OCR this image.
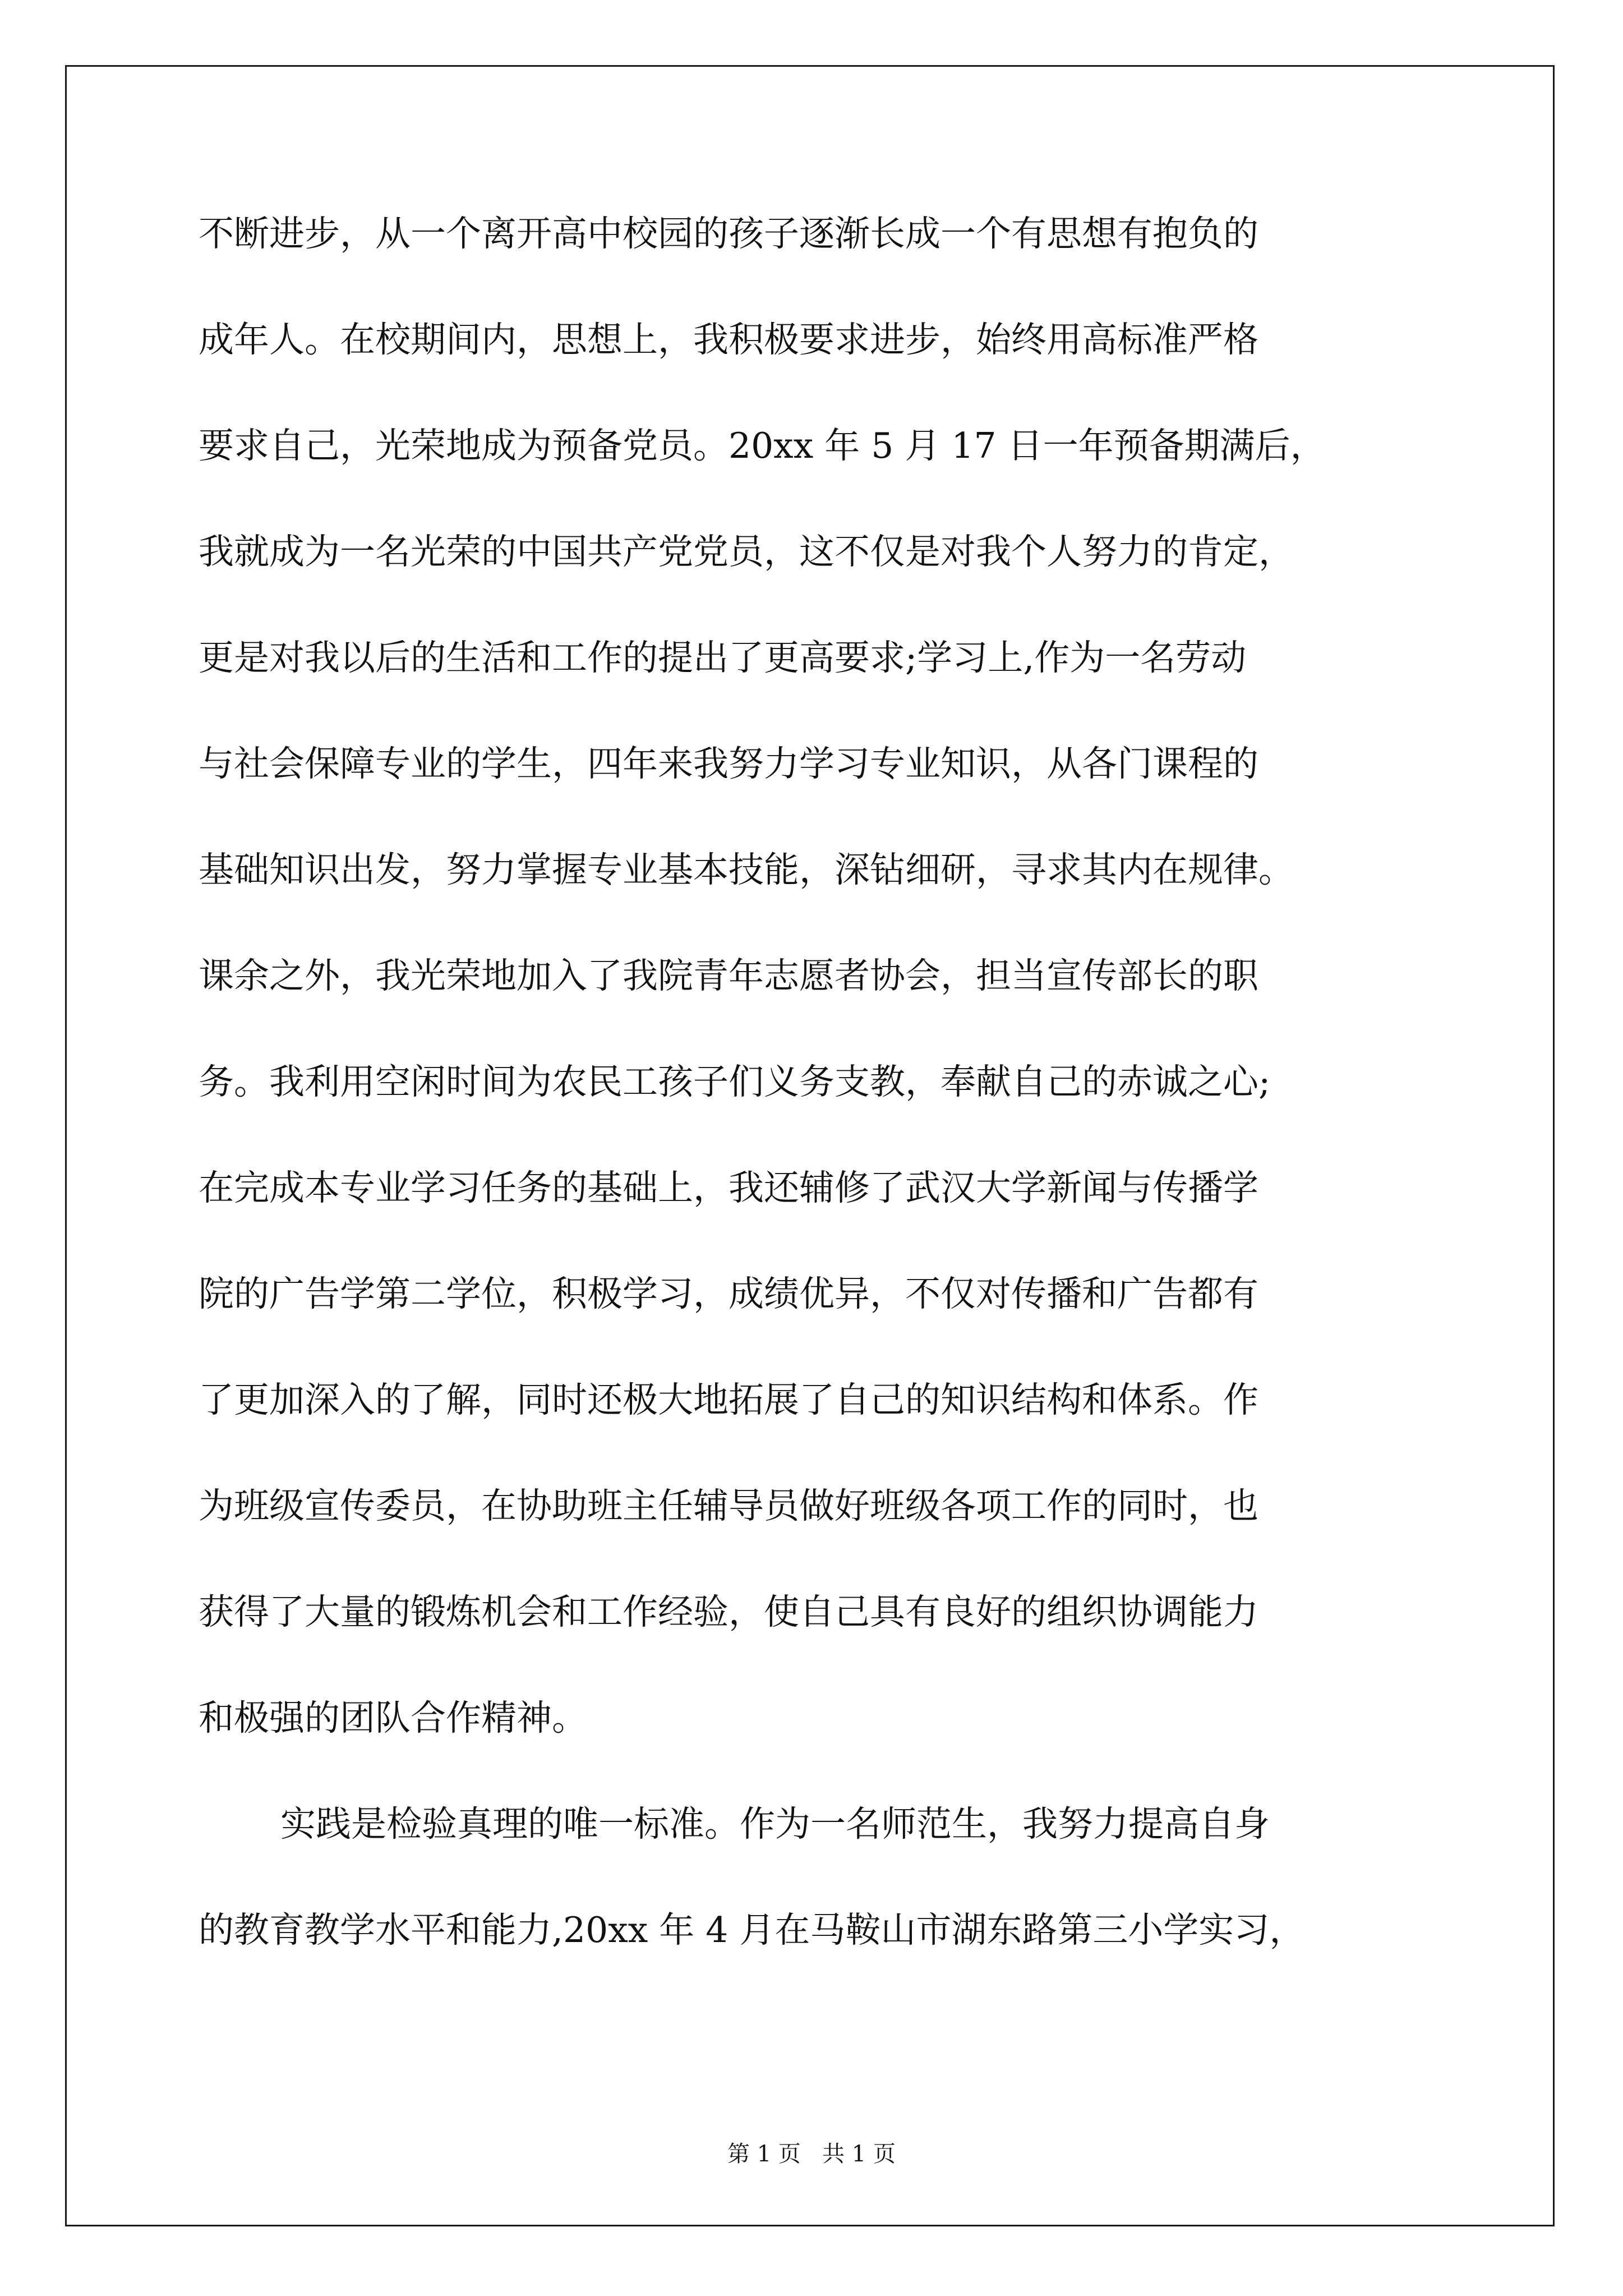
不断进步，从一个离开高中校园的孩子逐渐长成一个有思想有抱负的
成年人。在校期间内，思想上，我积极要求进步，始终用高标准严格
要求自己，光荣地成为预备党员。20xx 年 5 月 17 日一年预备期满后，
我就成为一名光荣的中国共产党党员，这不仅是对我个人努力的肯定，
更是对我以后的生活和工作的提出了更高要求;学习上,作为一名劳动
与社会保障专业的学生，四年来我努力学习专业知识，从各门课程的
基础知识出发，努力掌握专业基本技能，深钻细研，寻求其内在规律。
课余之外，我光荣地加入了我院青年志愿者协会，担当宣传部长的职
务。我利用空闲时间为农民工孩子们义务支教，奉献自己的赤诚之心;
在完成本专业学习任务的基础上，我还辅修了武汉大学新闻与传播学
院的广告学第二学位，积极学习，成绩优异，不仅对传播和广告都有
了更加深入的了解，同时还极大地拓展了自己的知识结构和体系。作
为班级宣传委员，在协助班主任辅导员做好班级各项工作的同时，也
获得了大量的锻炼机会和工作经验，使自己具有良好的组织协调能力
和极强的团队合作精神。
实践是检验真理的唯一标准。作为一名师范生，我努力提高自身
的教育教学水平和能力,20xx 年 4 月在马鞍山市湖东路第三小学实习，
第 1 页   共 1 页
